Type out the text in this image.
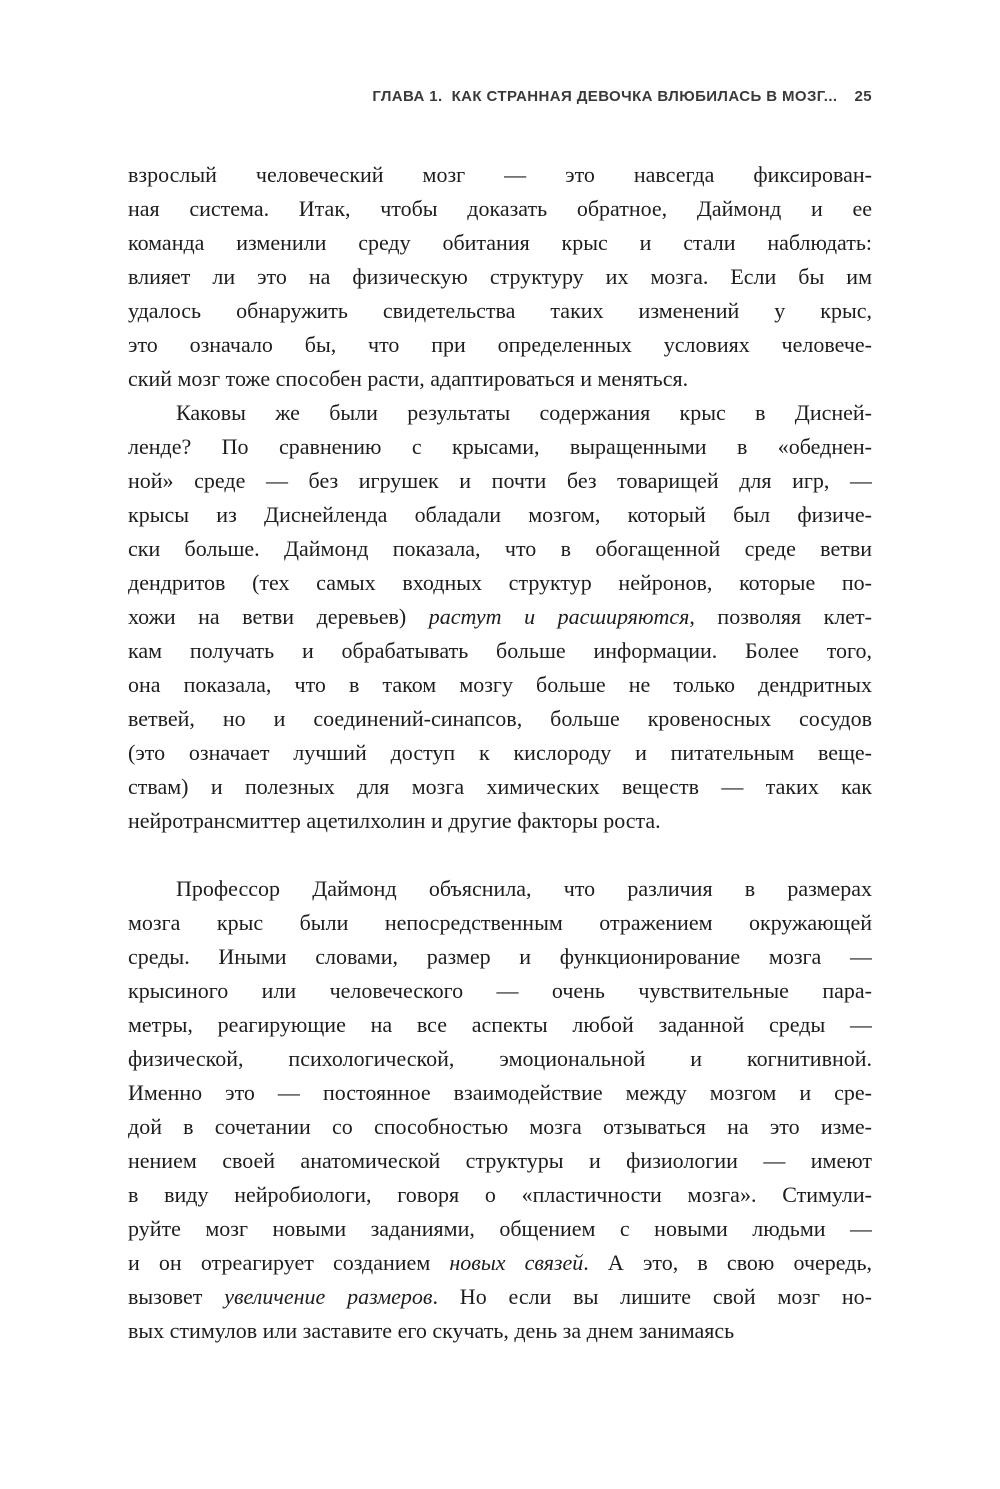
ГЛАВА 1. КАК СТРАННАЯ ДЕВОЧКА ВЛЮБИЛАСЬ В МОЗГ... 25
взрослый человеческий мозг — это навсегда фиксирован-
ная система. Итак, чтобы доказать обратное, Даймонд и ее
команда изменили среду обитания крыс и стали наблюдать:
влияет ли это на физическую структуру их мозга. Если бы им
удалось обнаружить свидетельства таких изменений у крыс,
это означало бы, что при определенных условиях человече-
ский мозг тоже способен расти, адаптироваться и меняться.
Каковы же были результаты содержания крыс в Дисней-
ленде? По сравнению с крысами, выращенными в «обеднен-
ной» среде — без игрушек и почти без товарищей для игр, —
крысы из Диснейленда обладали мозгом, который был физиче-
ски больше. Даймонд показала, что в обогащенной среде ветви
дендритов (тех самых входных структур нейронов, которые по-
хожи на ветви деревьев) растут и расширяются, позволяя клет-
кам получать и обрабатывать больше информации. Более того,
она показала, что в таком мозгу больше не только дендритных
ветвей, но и соединений-синапсов, больше кровеносных сосудов
(это означает лучший доступ к кислороду и питательным веще-
ствам) и полезных для мозга химических веществ — таких как
нейротрансмиттер ацетилхолин и другие факторы роста.
Профессор Даймонд объяснила, что различия в размерах
мозга крыс были непосредственным отражением окружающей
среды. Иными словами, размер и функционирование мозга —
крысиного или человеческого — очень чувствительные пара-
метры, реагирующие на все аспекты любой заданной среды —
физической, психологической, эмоциональной и когнитивной.
Именно это — постоянное взаимодействие между мозгом и сре-
дой в сочетании со способностью мозга отзываться на это изме-
нением своей анатомической структуры и физиологии — имеют
в виду нейробиологи, говоря о «пластичности мозга». Стимули-
руйте мозг новыми заданиями, общением с новыми людьми —
и он отреагирует созданием новых связей. А это, в свою очередь,
вызовет увеличение размеров. Но если вы лишите свой мозг но-
вых стимулов или заставите его скучать, день за днем занимаясь
